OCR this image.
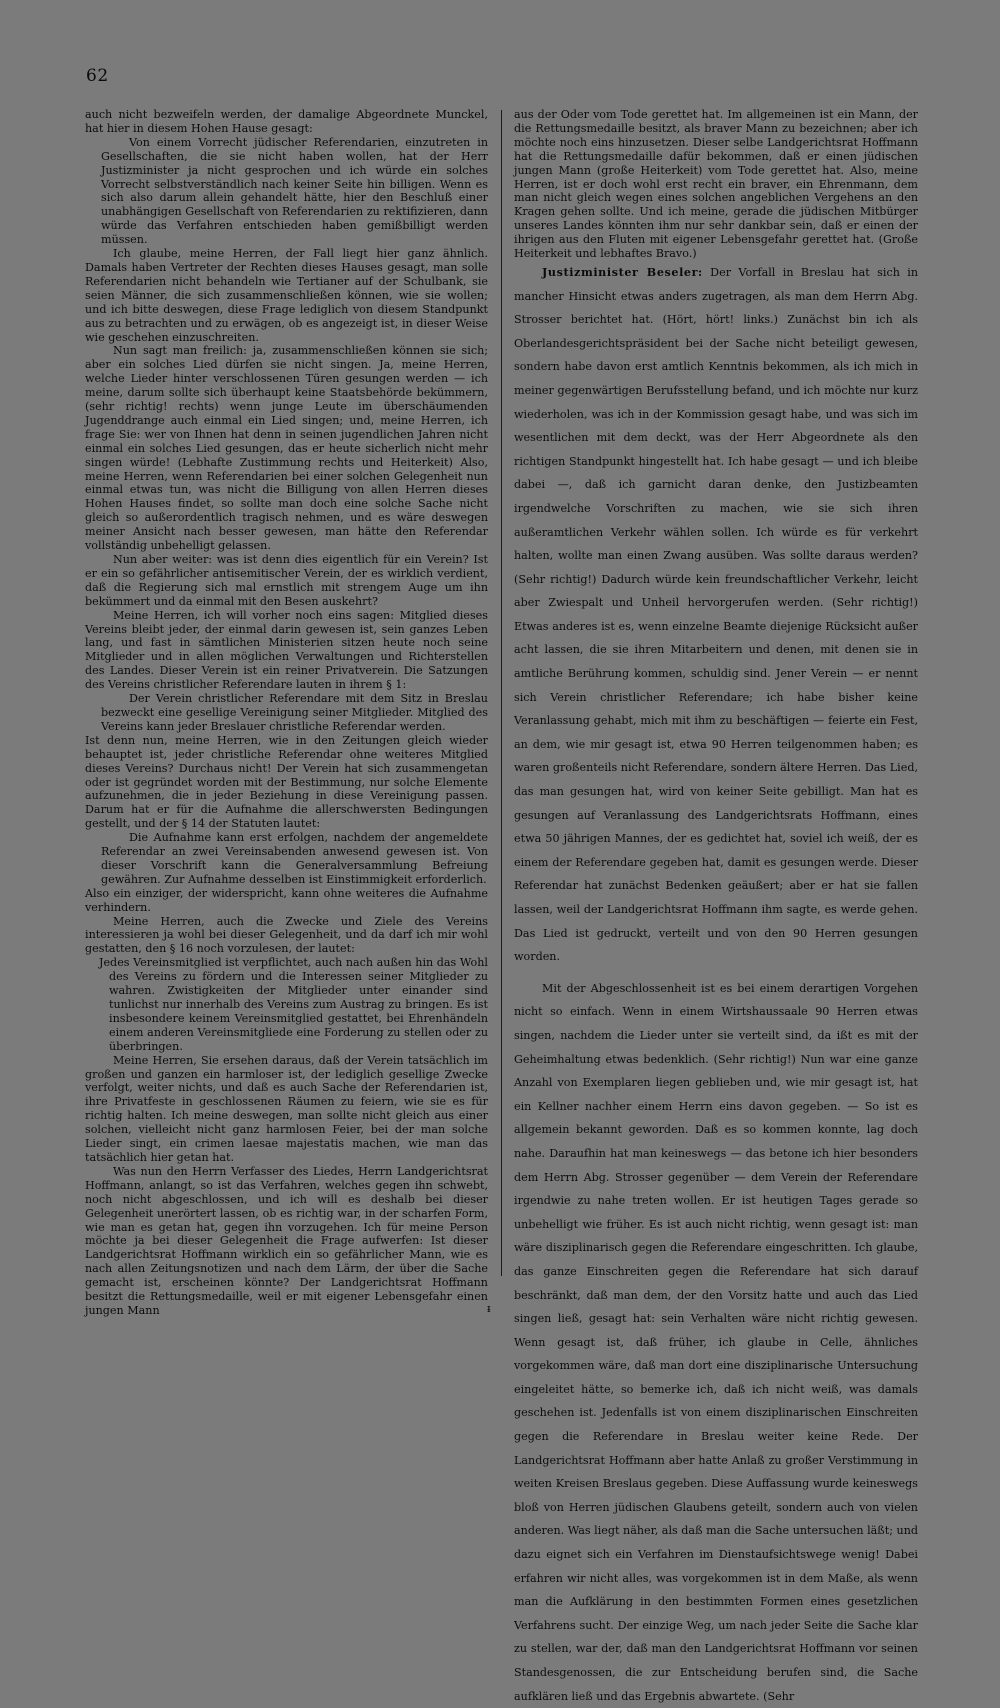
62

auch nicht bezweifeln werden, der damalige Abgeordnete Munckel, hat hier in diesem Hohen Hause gesagt:

Von einem Vorrecht jüdischer Referendarien, einzutreten in Gesellschaften, die sie nicht haben wollen, hat der Herr Justizminister ja nicht gesprochen und ich würde ein solches Vorrecht selbstverständlich nach keiner Seite hin billigen. Wenn es sich also darum allein gehandelt hätte, hier den Beschluß einer unabhängigen Gesellschaft von Referendarien zu rektifizieren, dann würde das Verfahren entschieden haben gemißbilligt werden müssen.

Ich glaube, meine Herren, der Fall liegt hier ganz ähnlich. Damals haben Vertreter der Rechten dieses Hauses gesagt, man solle Referendarien nicht behandeln wie Tertianer auf der Schulbank, sie seien Männer, die sich zusammenschließen können, wie sie wollen; und ich bitte deswegen, diese Frage lediglich von diesem Standpunkt aus zu betrachten und zu erwägen, ob es angezeigt ist, in dieser Weise wie geschehen einzuschreiten.

Nun sagt man freilich: ja, zusammenschließen können sie sich; aber ein solches Lied dürfen sie nicht singen. Ja, meine Herren, welche Lieder hinter verschlossenen Türen gesungen werden — ich meine, darum sollte sich überhaupt keine Staatsbehörde bekümmern, (sehr richtig! rechts) wenn junge Leute im überschäumenden Jugenddrange auch einmal ein Lied singen; und, meine Herren, ich frage Sie: wer von Ihnen hat denn in seinen jugendlichen Jahren nicht einmal ein solches Lied gesungen, das er heute sicherlich nicht mehr singen würde! (Lebhafte Zustimmung rechts und Heiterkeit) Also, meine Herren, wenn Referendarien bei einer solchen Gelegenheit nun einmal etwas tun, was nicht die Billigung von allen Herren dieses Hohen Hauses findet, so sollte man doch eine solche Sache nicht gleich so außerordentlich tragisch nehmen, und es wäre deswegen meiner Ansicht nach besser gewesen, man hätte den Referendar vollständig unbehelligt gelassen.

Nun aber weiter: was ist denn dies eigentlich für ein Verein? Ist er ein so gefährlicher antisemitischer Verein, der es wirklich verdient, daß die Regierung sich mal ernstlich mit strengem Auge um ihn bekümmert und da einmal mit den Besen auskehrt?

Meine Herren, ich will vorher noch eins sagen: Mitglied dieses Vereins bleibt jeder, der einmal darin gewesen ist, sein ganzes Leben lang, und fast in sämtlichen Ministerien sitzen heute noch seine Mitglieder und in allen möglichen Verwaltungen und Richterstellen des Landes. Dieser Verein ist ein reiner Privatverein. Die Satzungen des Vereins christlicher Referendare lauten in ihrem § 1:

Der Verein christlicher Referendare mit dem Sitz in Breslau bezweckt eine gesellige Vereinigung seiner Mitglieder. Mitglied des Vereins kann jeder Breslauer christliche Referendar werden.

Ist denn nun, meine Herren, wie in den Zeitungen gleich wieder behauptet ist, jeder christliche Referendar ohne weiteres Mitglied dieses Vereins? Durchaus nicht! Der Verein hat sich zusammengetan oder ist gegründet worden mit der Bestimmung, nur solche Elemente aufzunehmen, die in jeder Beziehung in diese Vereinigung passen. Darum hat er für die Aufnahme die allerschwersten Bedingungen gestellt, und der § 14 der Statuten lautet:

Die Aufnahme kann erst erfolgen, nachdem der angemeldete Referendar an zwei Vereinsabenden anwesend gewesen ist. Von dieser Vorschrift kann die Generalversammlung Befreiung gewähren. Zur Aufnahme desselben ist Einstimmigkeit erforderlich.

Also ein einziger, der widerspricht, kann ohne weiteres die Aufnahme verhindern.

Meine Herren, auch die Zwecke und Ziele des Vereins interessieren ja wohl bei dieser Gelegenheit, und da darf ich mir wohl gestatten, den § 16 noch vorzulesen, der lautet:

Jedes Vereinsmitglied ist verpflichtet, auch nach außen hin das Wohl des Vereins zu fördern und die Interessen seiner Mitglieder zu wahren. Zwistigkeiten der Mitglieder unter einander sind tunlichst nur innerhalb des Vereins zum Austrag zu bringen. Es ist insbesondere keinem Vereinsmitglied gestattet, bei Ehrenhändeln einem anderen Vereinsmitgliede eine Forderung zu stellen oder zu überbringen.

Meine Herren, Sie ersehen daraus, daß der Verein tatsächlich im großen und ganzen ein harmloser ist, der lediglich gesellige Zwecke verfolgt, weiter nichts, und daß es auch Sache der Referendarien ist, ihre Privatfeste in geschlossenen Räumen zu feiern, wie sie es für richtig halten. Ich meine deswegen, man sollte nicht gleich aus einer solchen, vielleicht nicht ganz harmlosen Feier, bei der man solche Lieder singt, ein crimen laesae majestatis machen, wie man das tatsächlich hier getan hat.

Was nun den Herrn Verfasser des Liedes, Herrn Landgerichtsrat Hoffmann, anlangt, so ist das Verfahren, welches gegen ihn schwebt, noch nicht abgeschlossen, und ich will es deshalb bei dieser Gelegenheit unerörtert lassen, ob es richtig war, in der scharfen Form, wie man es getan hat, gegen ihn vorzugehen. Ich für meine Person möchte ja bei dieser Gelegenheit die Frage aufwerfen: Ist dieser Landgerichtsrat Hoffmann wirklich ein so gefährlicher Mann, wie es nach allen Zeitungsnotizen und nach dem Lärm, der über die Sache gemacht ist, erscheinen könnte? Der Landgerichtsrat Hoffmann besitzt die Rettungsmedaille, weil er mit eigener Lebensgefahr einen jungen Mann

aus der Oder vom Tode gerettet hat. Im allgemeinen ist ein Mann, der die Rettungsmedaille besitzt, als braver Mann zu bezeichnen; aber ich möchte noch eins hinzusetzen. Dieser selbe Landgerichtsrat Hoffmann hat die Rettungsmedaille dafür bekommen, daß er einen jüdischen jungen Mann (große Heiterkeit) vom Tode gerettet hat. Also, meine Herren, ist er doch wohl erst recht ein braver, ein Ehrenmann, dem man nicht gleich wegen eines solchen angeblichen Vergehens an den Kragen gehen sollte. Und ich meine, gerade die jüdischen Mitbürger unseres Landes könnten ihm nur sehr dankbar sein, daß er einen der ihrigen aus den Fluten mit eigener Lebensgefahr gerettet hat. (Große Heiterkeit und lebhaftes Bravo.)

Justizminister Beseler: Der Vorfall in Breslau hat sich in mancher Hinsicht etwas anders zugetragen, als man dem Herrn Abg. Strosser berichtet hat. (Hört, hört! links.) Zunächst bin ich als Oberlandesgerichtspräsident bei der Sache nicht beteiligt gewesen, sondern habe davon erst amtlich Kenntnis bekommen, als ich mich in meiner gegenwärtigen Berufsstellung befand, und ich möchte nur kurz wiederholen, was ich in der Kommission gesagt habe, und was sich im wesentlichen mit dem deckt, was der Herr Abgeordnete als den richtigen Standpunkt hingestellt hat. Ich habe gesagt — und ich bleibe dabei —, daß ich garnicht daran denke, den Justizbeamten irgendwelche Vorschriften zu machen, wie sie sich ihren außeramtlichen Verkehr wählen sollen. Ich würde es für verkehrt halten, wollte man einen Zwang ausüben. Was sollte daraus werden? (Sehr richtig!) Dadurch würde kein freundschaftlicher Verkehr, leicht aber Zwiespalt und Unheil hervorgerufen werden. (Sehr richtig!) Etwas anderes ist es, wenn einzelne Beamte diejenige Rücksicht außer acht lassen, die sie ihren Mitarbeitern und denen, mit denen sie in amtliche Berührung kommen, schuldig sind. Jener Verein — er nennt sich Verein christlicher Referendare; ich habe bisher keine Veranlassung gehabt, mich mit ihm zu beschäftigen — feierte ein Fest, an dem, wie mir gesagt ist, etwa 90 Herren teilgenommen haben; es waren großenteils nicht Referendare, sondern ältere Herren. Das Lied, das man gesungen hat, wird von keiner Seite gebilligt. Man hat es gesungen auf Veranlassung des Landgerichtsrats Hoffmann, eines etwa 50 jährigen Mannes, der es gedichtet hat, soviel ich weiß, der es einem der Referendare gegeben hat, damit es gesungen werde. Dieser Referendar hat zunächst Bedenken geäußert; aber er hat sie fallen lassen, weil der Landgerichtsrat Hoffmann ihm sagte, es werde gehen. Das Lied ist gedruckt, verteilt und von den 90 Herren gesungen worden.

Mit der Abgeschlossenheit ist es bei einem derartigen Vorgehen nicht so einfach. Wenn in einem Wirtshaussaale 90 Herren etwas singen, nachdem die Lieder unter sie verteilt sind, da ißt es mit der Geheimhaltung etwas bedenklich. (Sehr richtig!) Nun war eine ganze Anzahl von Exemplaren liegen geblieben und, wie mir gesagt ist, hat ein Kellner nachher einem Herrn eins davon gegeben. — So ist es allgemein bekannt geworden. Daß es so kommen konnte, lag doch nahe. Daraufhin hat man keineswegs — das betone ich hier besonders dem Herrn Abg. Strosser gegenüber — dem Verein der Referendare irgendwie zu nahe treten wollen. Er ist heutigen Tages gerade so unbehelligt wie früher. Es ist auch nicht richtig, wenn gesagt ist: man wäre disziplinarisch gegen die Referendare eingeschritten. Ich glaube, das ganze Einschreiten gegen die Referendare hat sich darauf beschränkt, daß man dem, der den Vorsitz hatte und auch das Lied singen ließ, gesagt hat: sein Verhalten wäre nicht richtig gewesen. Wenn gesagt ist, daß früher, ich glaube in Celle, ähnliches vorgekommen wäre, daß man dort eine disziplinarische Untersuchung eingeleitet hätte, so bemerke ich, daß ich nicht weiß, was damals geschehen ist. Jedenfalls ist von einem disziplinarischen Einschreiten gegen die Referendare in Breslau weiter keine Rede. Der Landgerichtsrat Hoffmann aber hatte Anlaß zu großer Verstimmung in weiten Kreisen Breslaus gegeben. Diese Auffassung wurde keineswegs bloß von Herren jüdischen Glaubens geteilt, sondern auch von vielen anderen. Was liegt näher, als daß man die Sache untersuchen läßt; und dazu eignet sich ein Verfahren im Dienstaufsichtswege wenig! Dabei erfahren wir nicht alles, was vorgekommen ist in dem Maße, als wenn man die Aufklärung in den bestimmten Formen eines gesetzlichen Verfahrens sucht. Der einzige Weg, um nach jeder Seite die Sache klar zu stellen, war der, daß man den Landgerichtsrat Hoffmann vor seinen Standesgenossen, die zur Entscheidung berufen sind, die Sache aufklären ließ und das Ergebnis abwartete. (Sehr

ᵻ
